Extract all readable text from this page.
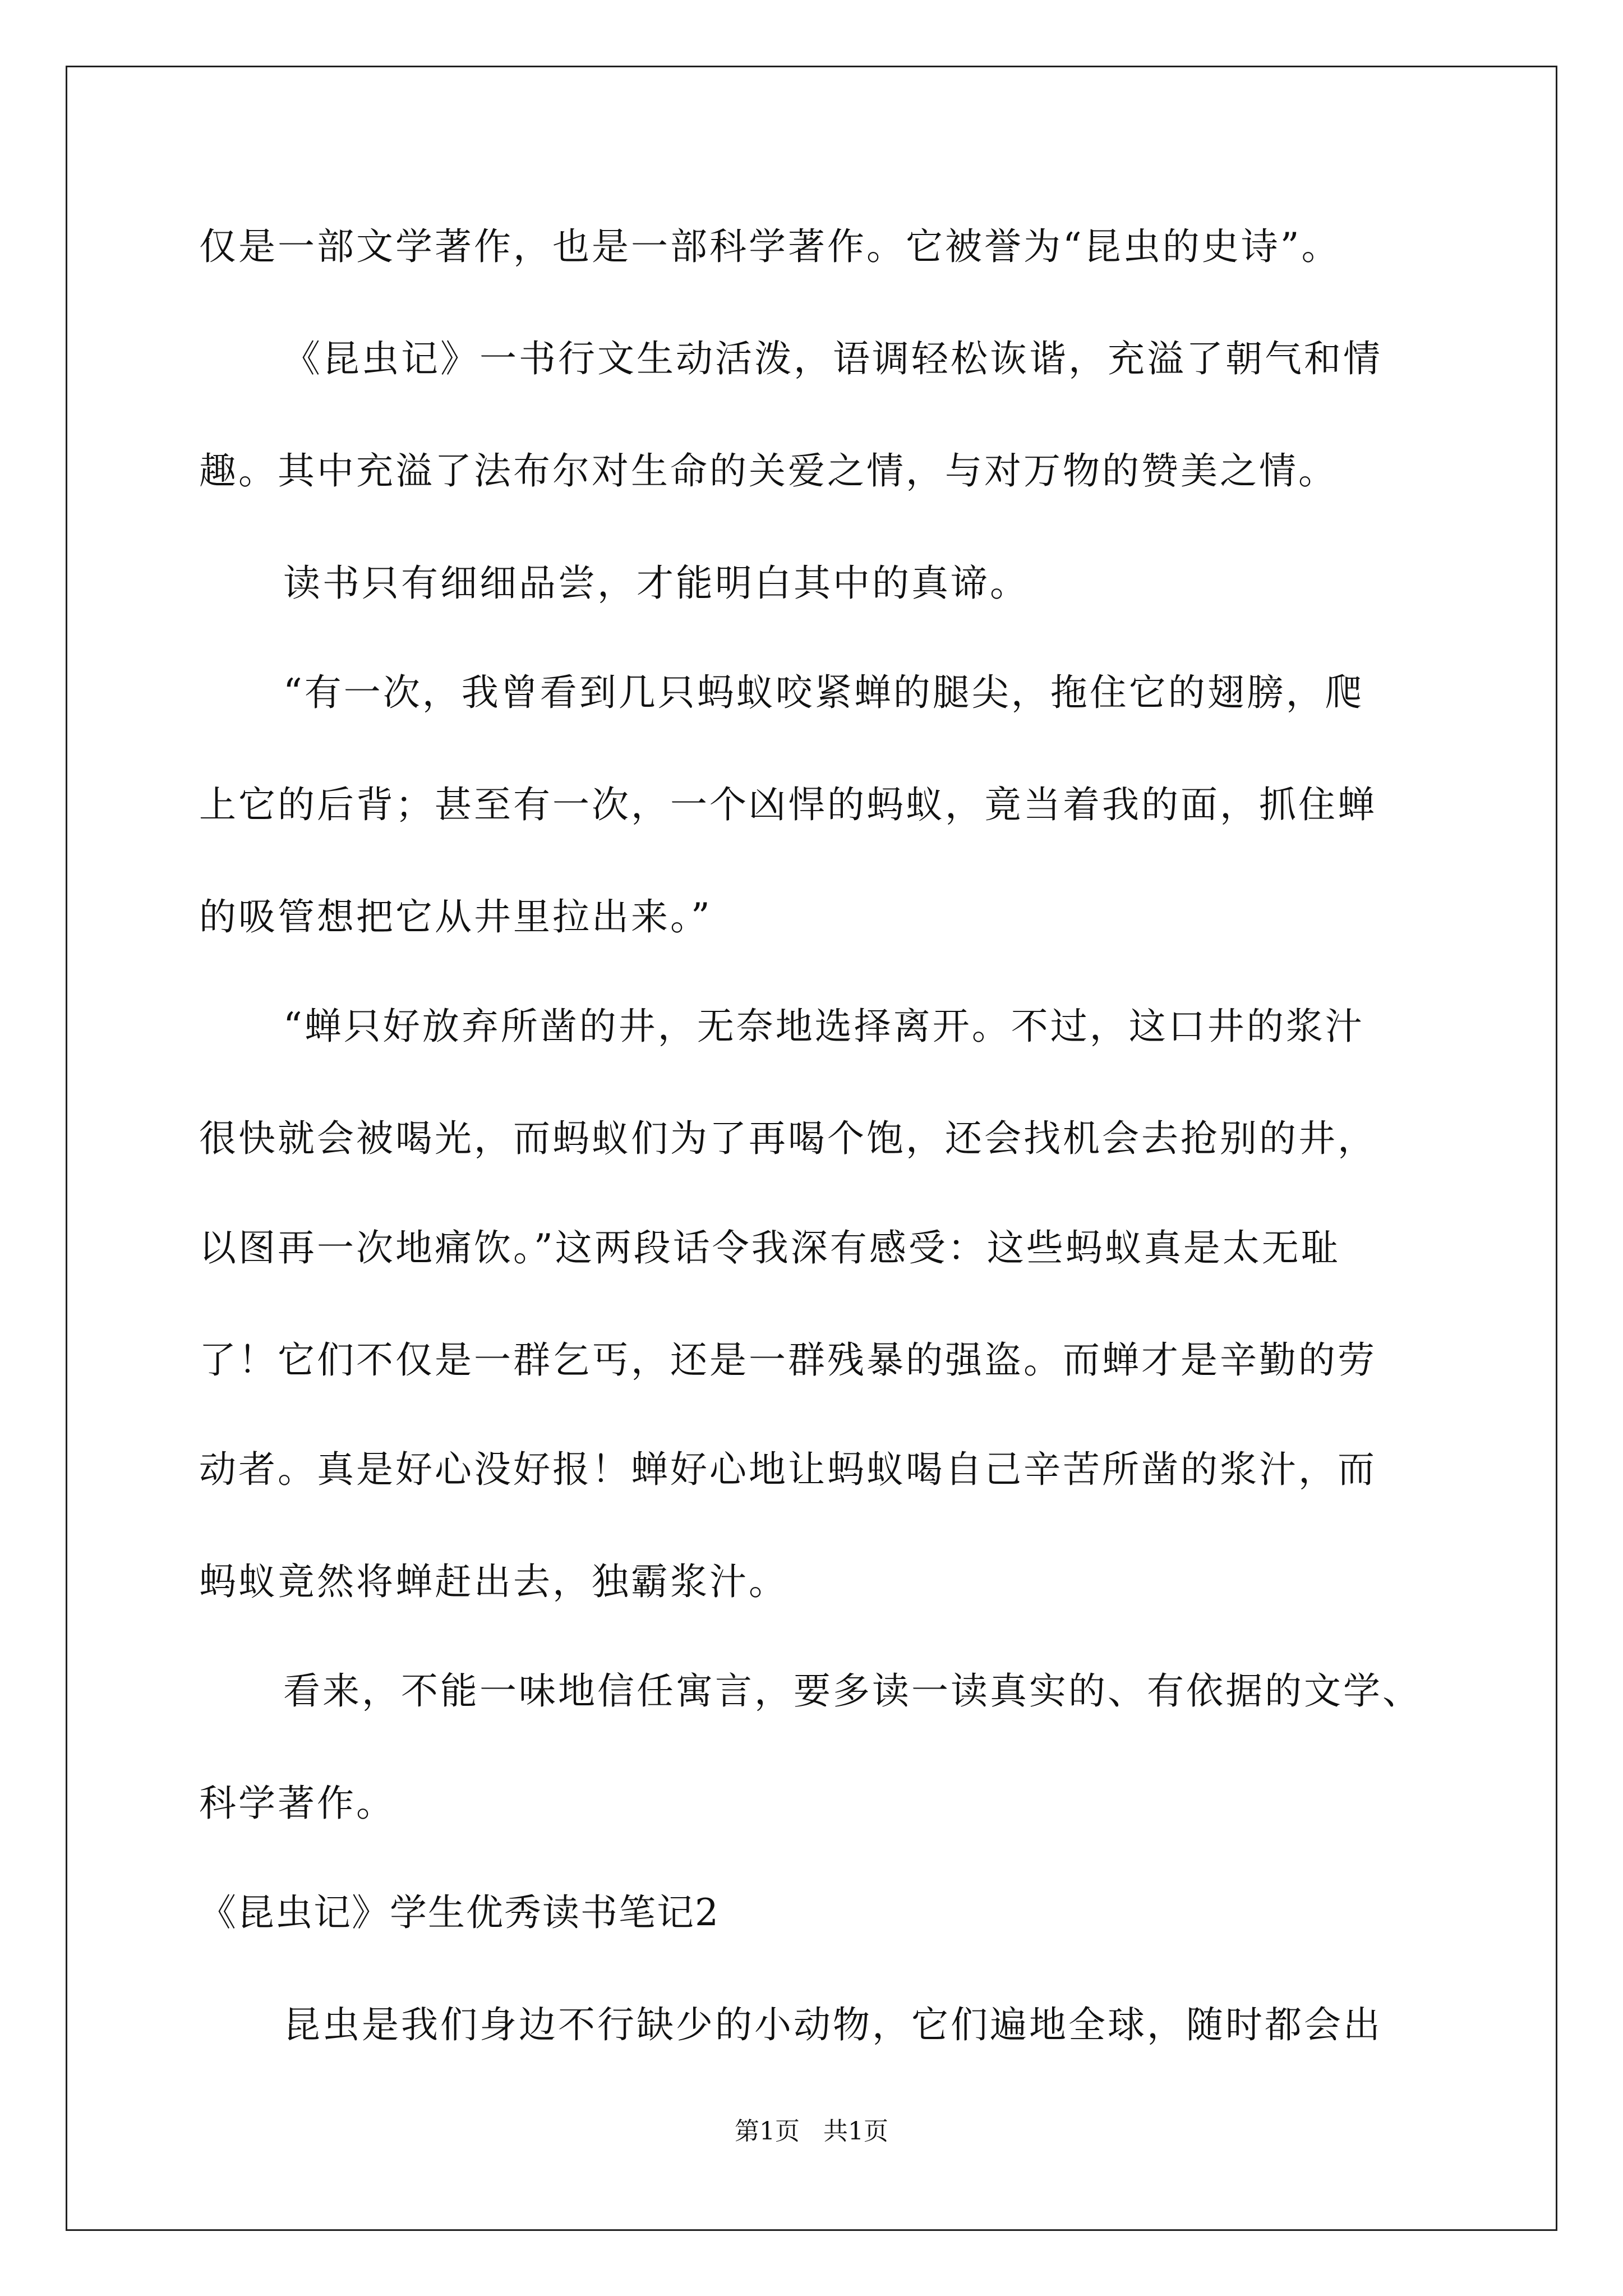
仅是一部文学著作，也是一部科学著作。它被誉为“昆虫的史诗”。
《昆虫记》一书行文生动活泼，语调轻松诙谐，充溢了朝气和情
趣。其中充溢了法布尔对生命的关爱之情，与对万物的赞美之情。
读书只有细细品尝，才能明白其中的真谛。
“有一次，我曾看到几只蚂蚁咬紧蝉的腿尖，拖住它的翅膀，爬
上它的后背；甚至有一次，一个凶悍的蚂蚁，竟当着我的面，抓住蝉
的吸管想把它从井里拉出来。”
“蝉只好放弃所凿的井，无奈地选择离开。不过，这口井的浆汁
很快就会被喝光，而蚂蚁们为了再喝个饱，还会找机会去抢别的井，
以图再一次地痛饮。”这两段话令我深有感受：这些蚂蚁真是太无耻
了！它们不仅是一群乞丐，还是一群残暴的强盗。而蝉才是辛勤的劳
动者。真是好心没好报！蝉好心地让蚂蚁喝自己辛苦所凿的浆汁，而
蚂蚁竟然将蝉赶出去，独霸浆汁。
看来，不能一味地信任寓言，要多读一读真实的、有依据的文学、
科学著作。
《昆虫记》学生优秀读书笔记2
昆虫是我们身边不行缺少的小动物，它们遍地全球，随时都会出
第1页 共1页
